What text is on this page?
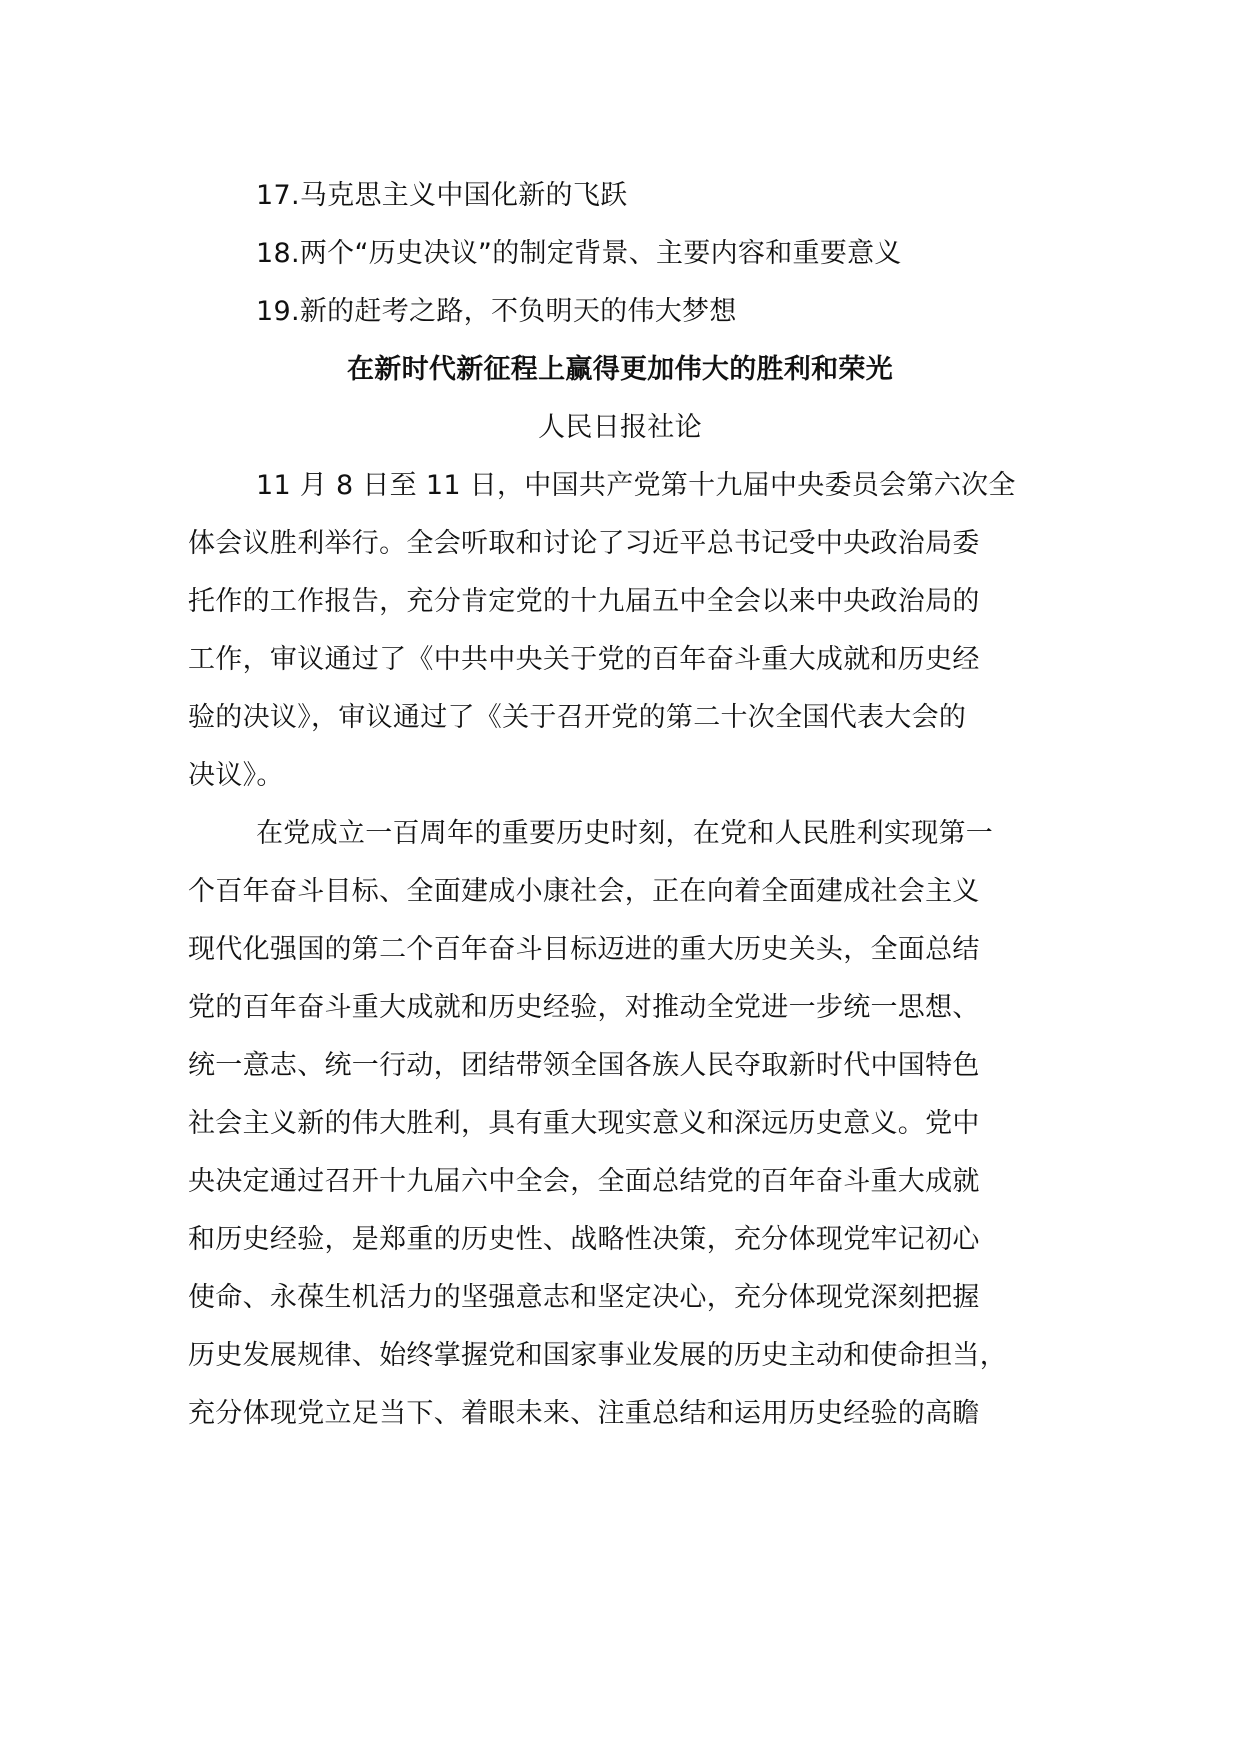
17.马克思主义中国化新的飞跃
18.两个“历史决议”的制定背景、主要内容和重要意义
19.新的赶考之路，不负明天的伟大梦想
在新时代新征程上赢得更加伟大的胜利和荣光
人民日报社论
11 月 8 日至 11 日，中国共产党第十九届中央委员会第六次全
体会议胜利举行。全会听取和讨论了习近平总书记受中央政治局委
托作的工作报告，充分肯定党的十九届五中全会以来中央政治局的
工作，审议通过了《中共中央关于党的百年奋斗重大成就和历史经
验的决议》，审议通过了《关于召开党的第二十次全国代表大会的
决议》。
在党成立一百周年的重要历史时刻，在党和人民胜利实现第一
个百年奋斗目标、全面建成小康社会，正在向着全面建成社会主义
现代化强国的第二个百年奋斗目标迈进的重大历史关头，全面总结
党的百年奋斗重大成就和历史经验，对推动全党进一步统一思想、
统一意志、统一行动，团结带领全国各族人民夺取新时代中国特色
社会主义新的伟大胜利，具有重大现实意义和深远历史意义。党中
央决定通过召开十九届六中全会，全面总结党的百年奋斗重大成就
和历史经验，是郑重的历史性、战略性决策，充分体现党牢记初心
使命、永葆生机活力的坚强意志和坚定决心，充分体现党深刻把握
历史发展规律、始终掌握党和国家事业发展的历史主动和使命担当，
充分体现党立足当下、着眼未来、注重总结和运用历史经验的高瞻
